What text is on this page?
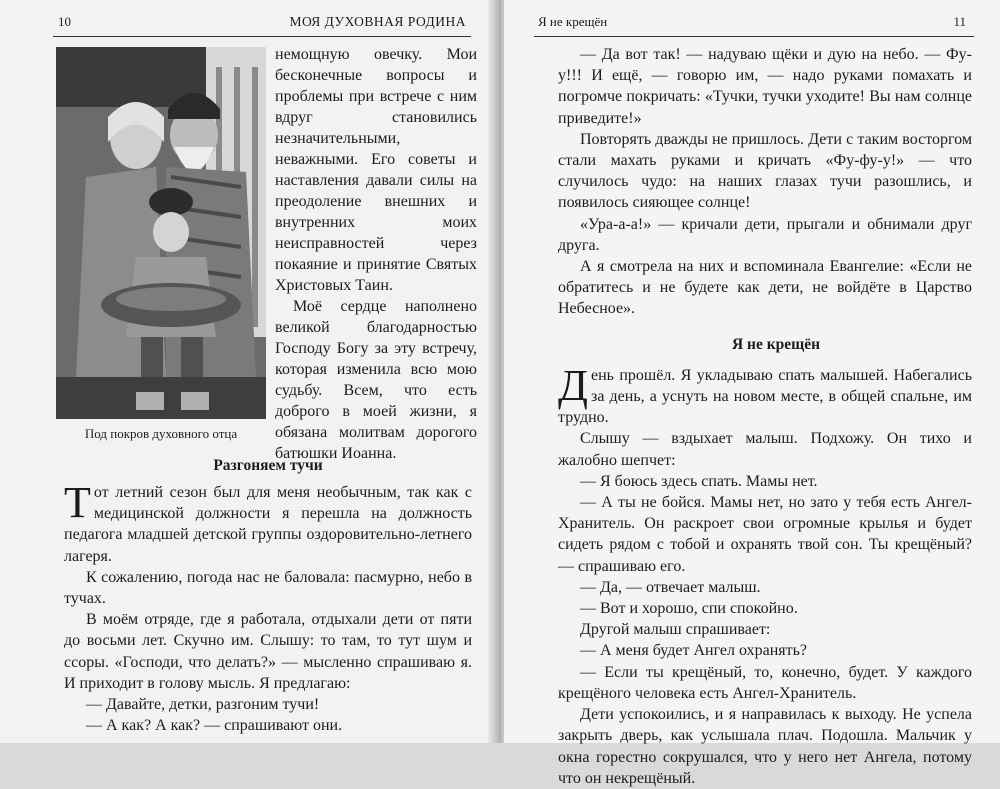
10	МОЯ ДУХОВНАЯ РОДИНА
Под покров духовного отца

немощную овечку. Мои бесконечные вопросы и проблемы при встрече с ним вдруг становились незначительными, неважными. Его советы и наставления давали силы на преодоление внешних и внутренних моих неисправностей через покаяние и принятие Святых Христовых Таин.

Моё сердце наполнено великой благодарностью Господу Богу за эту встречу, которая изменила всю мою судьбу. Всем, что есть доброго в моей жизни, я обязана молитвам дорогого батюшки Иоанна.

Разгоняем тучи

Тот летний сезон был для меня необычным, так как с медицинской должности я перешла на должность педагога младшей детской группы оздоровительно-летнего лагеря.

К сожалению, погода нас не баловала: пасмурно, небо в тучах.

В моём отряде, где я работала, отдыхали дети от пяти до восьми лет. Скучно им. Слышу: то там, то тут шум и ссоры. «Господи, что делать?» — мысленно спрашиваю я. И приходит в голову мысль. Я предлагаю:

— Давайте, детки, разгоним тучи!

— А как? А как? — спрашивают они.

Я не крещён	11

— Да вот так! — надуваю щёки и дую на небо. — Фу-у!!! И ещё, — говорю им, — надо руками помахать и погромче покричать: «Тучки, тучки уходите! Вы нам солнце приведите!»

Повторять дважды не пришлось. Дети с таким восторгом стали махать руками и кричать «Фу-фу-у!» — что случилось чудо: на наших глазах тучи разошлись, и появилось сияющее солнце!

«Ура-а-а!» — кричали дети, прыгали и обнимали друг друга.

А я смотрела на них и вспоминала Евангелие: «Если не обратитесь и не будете как дети, не войдёте в Царство Небесное».

Я не крещён

День прошёл. Я укладываю спать малышей. Набегались за день, а уснуть на новом месте, в общей спальне, им трудно.

Слышу — вздыхает малыш. Подхожу. Он тихо и жалобно шепчет:

— Я боюсь здесь спать. Мамы нет.

— А ты не бойся. Мамы нет, но зато у тебя есть Ангел-Хранитель. Он раскроет свои огромные крылья и будет сидеть рядом с тобой и охранять твой сон. Ты крещёный? — спрашиваю его.

— Да, — отвечает малыш.

— Вот и хорошо, спи спокойно.

Другой малыш спрашивает:

— А меня будет Ангел охранять?

— Если ты крещёный, то, конечно, будет. У каждого крещёного человека есть Ангел-Хранитель.

Дети успокоились, и я направилась к выходу. Не успела закрыть дверь, как услышала плач. Подошла. Мальчик у окна горестно сокрушался, что у него нет Ангела, потому что он некрещёный.
